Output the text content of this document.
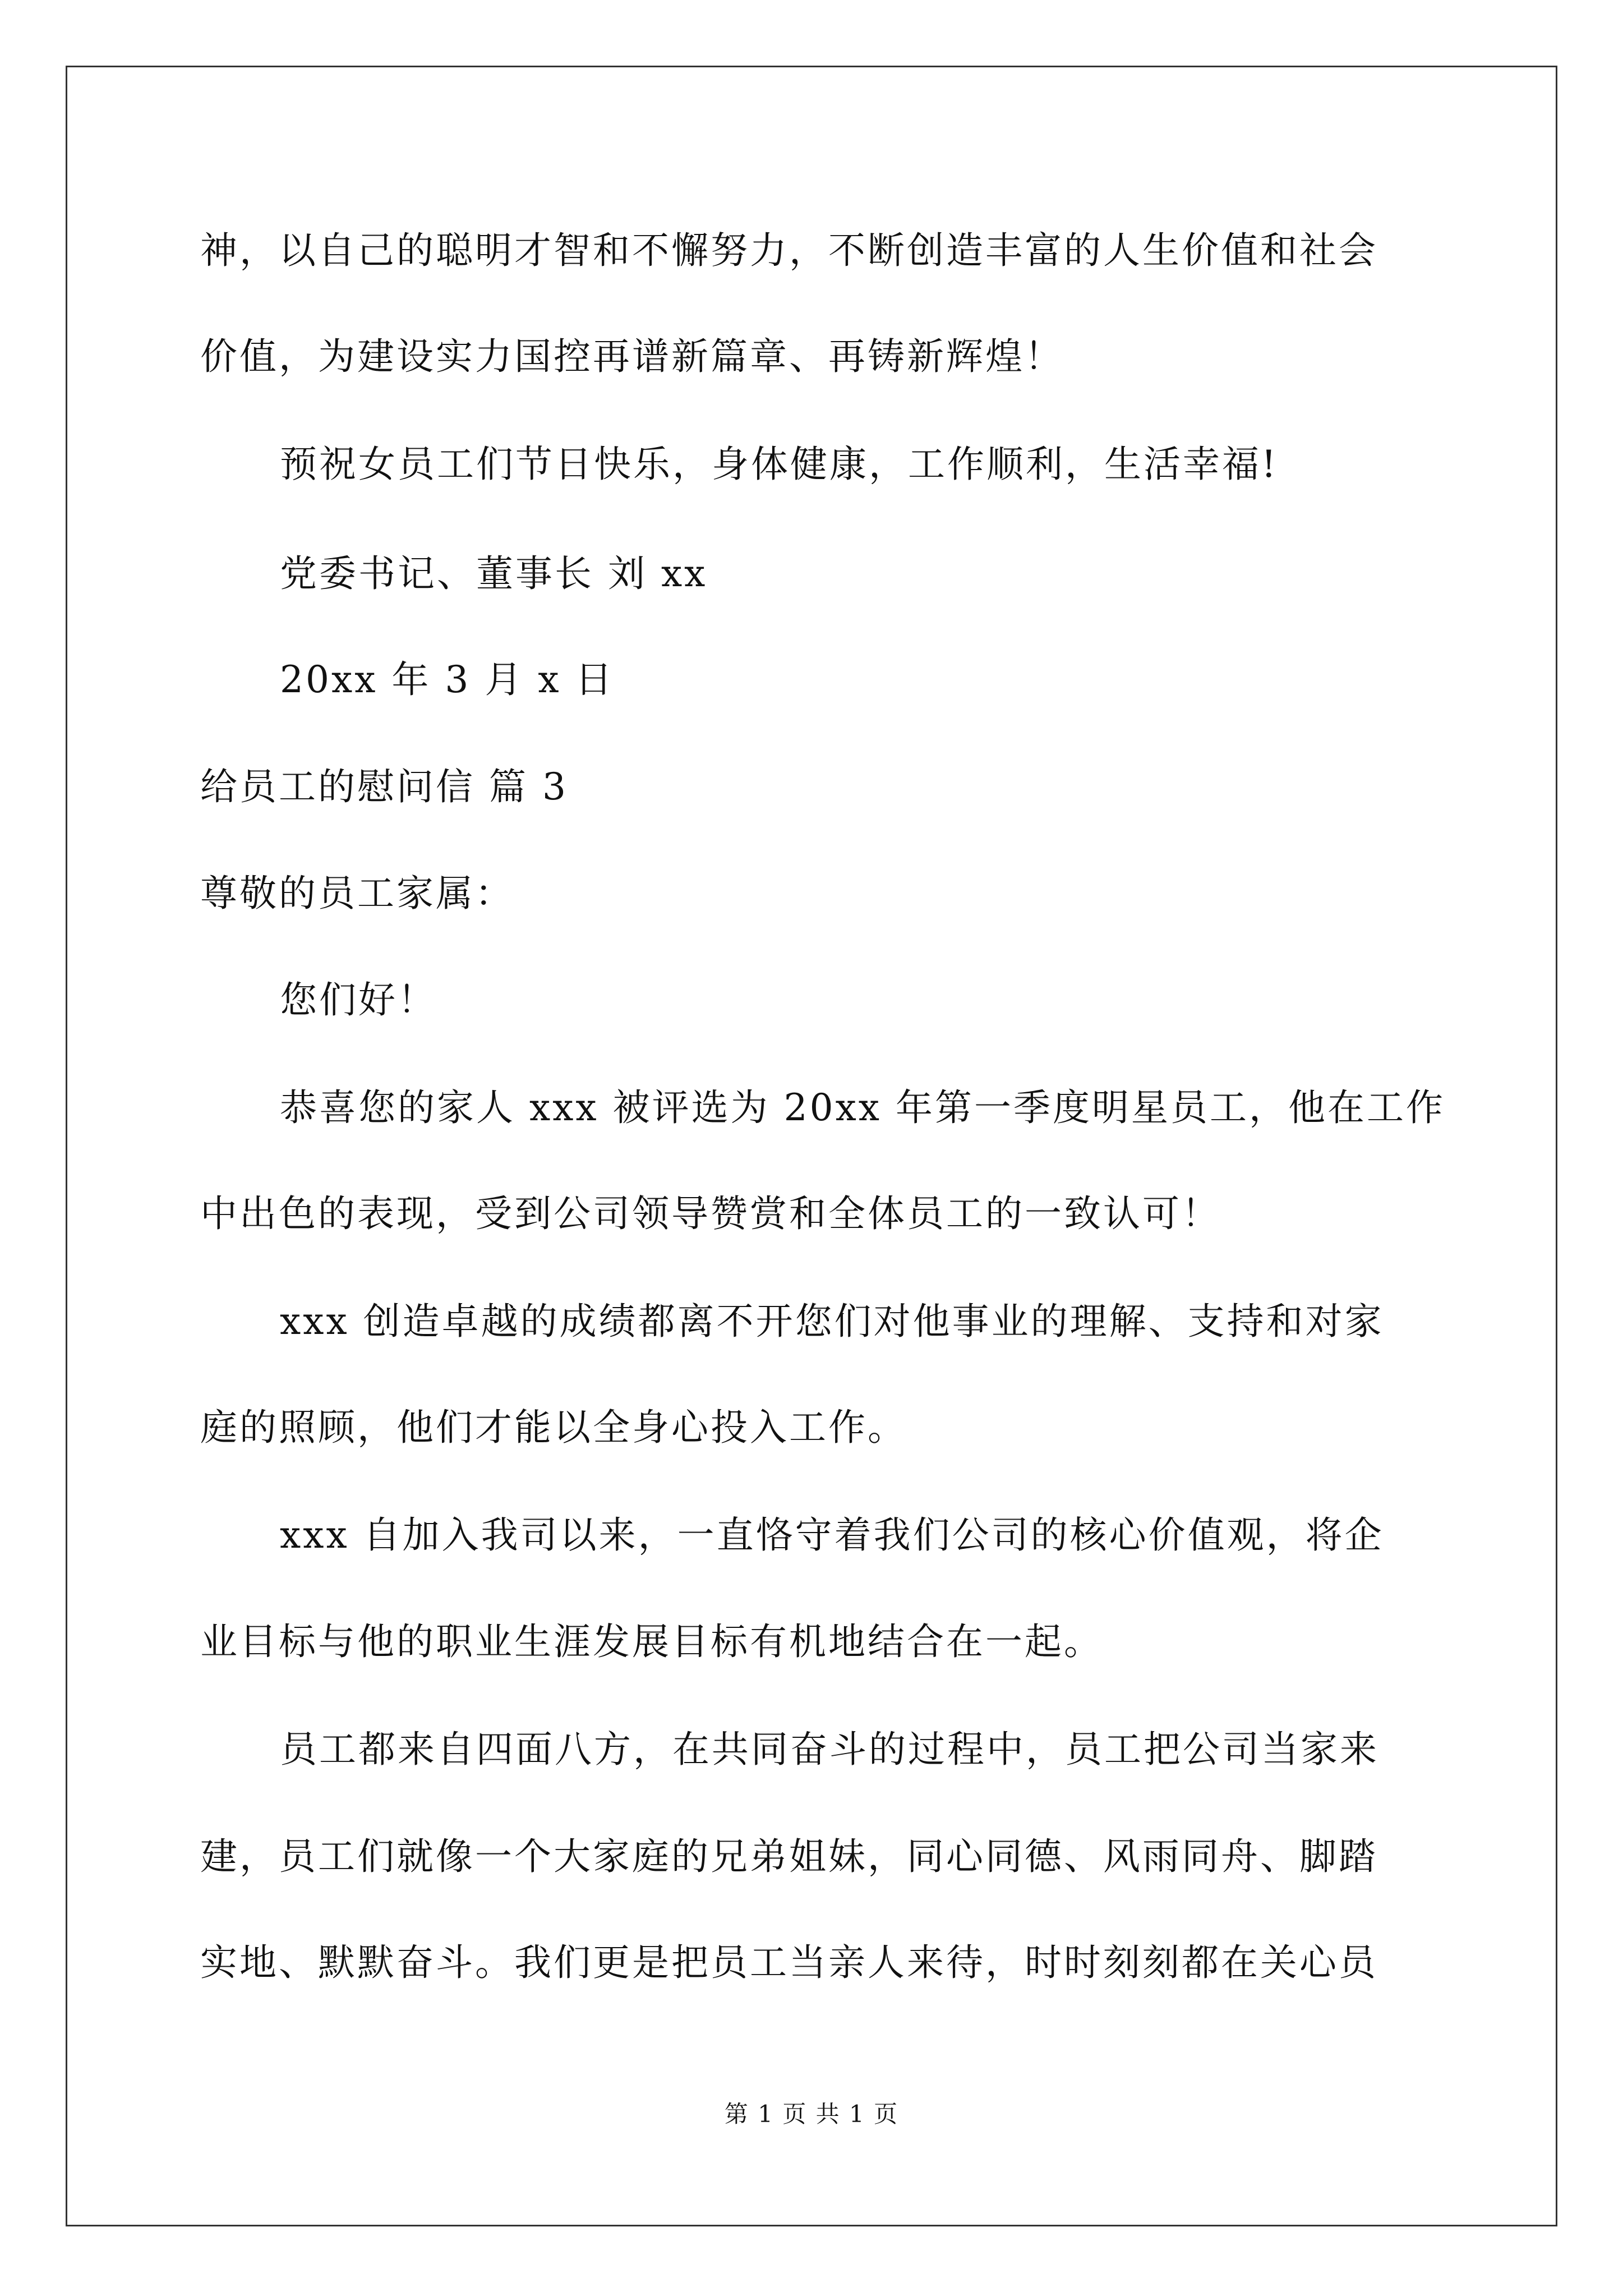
神，以自己的聪明才智和不懈努力，不断创造丰富的人生价值和社会
价值，为建设实力国控再谱新篇章、再铸新辉煌！
预祝女员工们节日快乐，身体健康，工作顺利，生活幸福!
党委书记、董事长 刘 xx
20xx 年 3 月 x 日
给员工的慰问信 篇 3
尊敬的员工家属：
您们好！
恭喜您的家人 xxx 被评选为 20xx 年第一季度明星员工，他在工作
中出色的表现，受到公司领导赞赏和全体员工的一致认可！
xxx 创造卓越的成绩都离不开您们对他事业的理解、支持和对家
庭的照顾，他们才能以全身心投入工作。
xxx 自加入我司以来，一直恪守着我们公司的核心价值观，将企
业目标与他的职业生涯发展目标有机地结合在一起。
员工都来自四面八方，在共同奋斗的过程中，员工把公司当家来
建，员工们就像一个大家庭的兄弟姐妹，同心同德、风雨同舟、脚踏
实地、默默奋斗。我们更是把员工当亲人来待，时时刻刻都在关心员
第 1 页 共 1 页
